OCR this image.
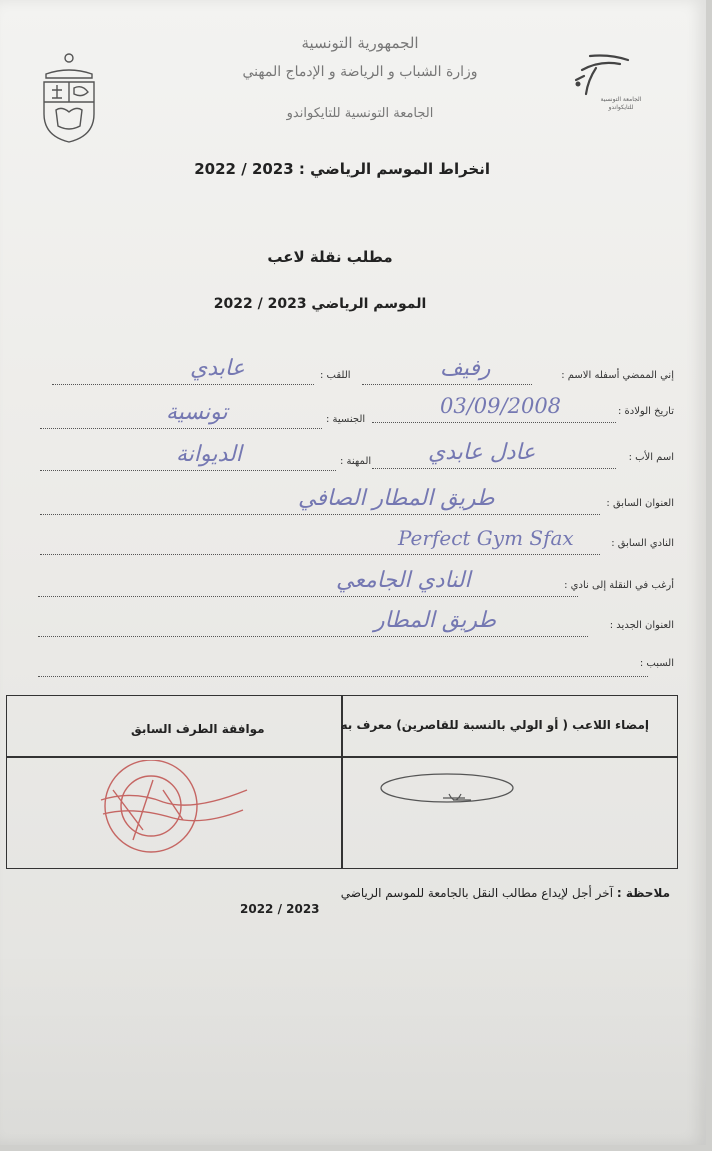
الجمهورية التونسية
وزارة الشباب و الرياضة و الإدماج المهني
الجامعة التونسية للتايكواندو
الجامعة التونسية للتايكواندو
انخراط الموسم الرياضي : 2023 / 2022
مطلب نقلة لاعب
الموسم الرياضي 2023 / 2022
إني الممضي أسفله الاسم :
رفيف
اللقب :
عابدي
تاريخ الولادة :
03/09/2008
الجنسية :
تونسية
اسم الأب :
عادل عابدي
المهنة :
الديوانة
العنوان السابق :
طريق المطار الصافي
النادي السابق :
Perfect Gym Sfax
أرغب في النقلة إلى نادي :
النادي الجامعي
العنوان الجديد :
طريق المطار
السبب :
إمضاء اللاعب ( أو الولي بالنسبة للقاصرين) معرف به
موافقة الطرف السابق
ملاحظة : آخر أجل لإيداع مطالب النقل بالجامعة للموسم الرياضي
2022 / 2023
